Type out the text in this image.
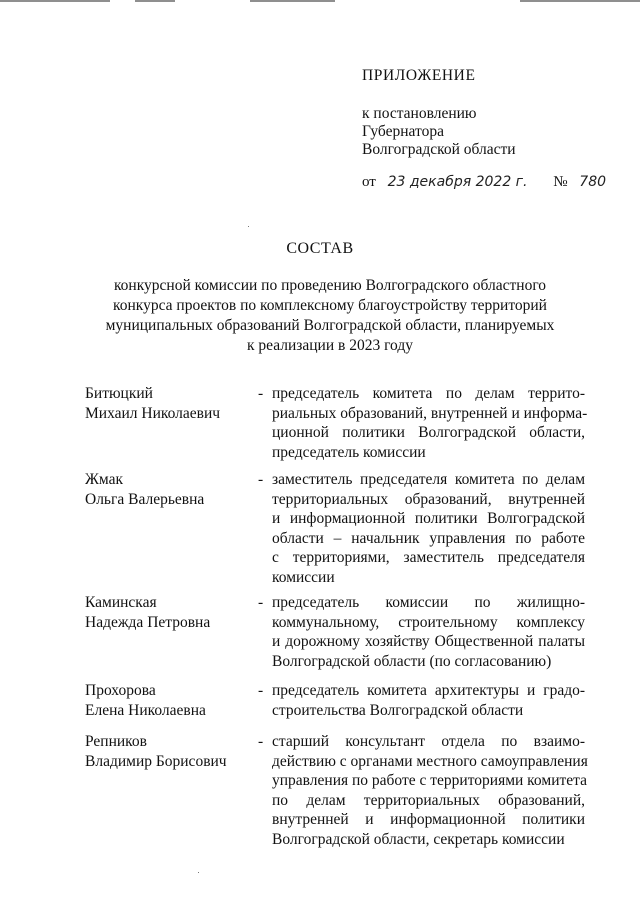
ПРИЛОЖЕНИЕ
к постановлению
Губернатора
Волгоградской области
от 23 декабря 2022 г. № 780
СОСТАВ
конкурсной комиссии по проведению Волгоградского областного
конкурса проектов по комплексному благоустройству территорий
муниципальных образований Волгоградской области, планируемых
к реализации в 2023 году
Битюцкий
Михаил Николаевич
- председатель комитета по делам террито-
риальных образований, внутренней и информа-
ционной политики Волгоградской области,
председатель комиссии
Жмак
Ольга Валерьевна
- заместитель председателя комитета по делам
территориальных образований, внутренней
и информационной политики Волгоградской
области – начальник управления по работе
с территориями, заместитель председателя
комиссии
Каминская
Надежда Петровна
- председатель комиссии по жилищно-
коммунальному, строительному комплексу
и дорожному хозяйству Общественной палаты
Волгоградской области (по согласованию)
Прохорова
Елена Николаевна
- председатель комитета архитектуры и градо-
строительства Волгоградской области
Репников
Владимир Борисович
- старший консультант отдела по взаимо-
действию с органами местного самоуправления
управления по работе с территориями комитета
по делам территориальных образований,
внутренней и информационной политики
Волгоградской области, секретарь комиссии
